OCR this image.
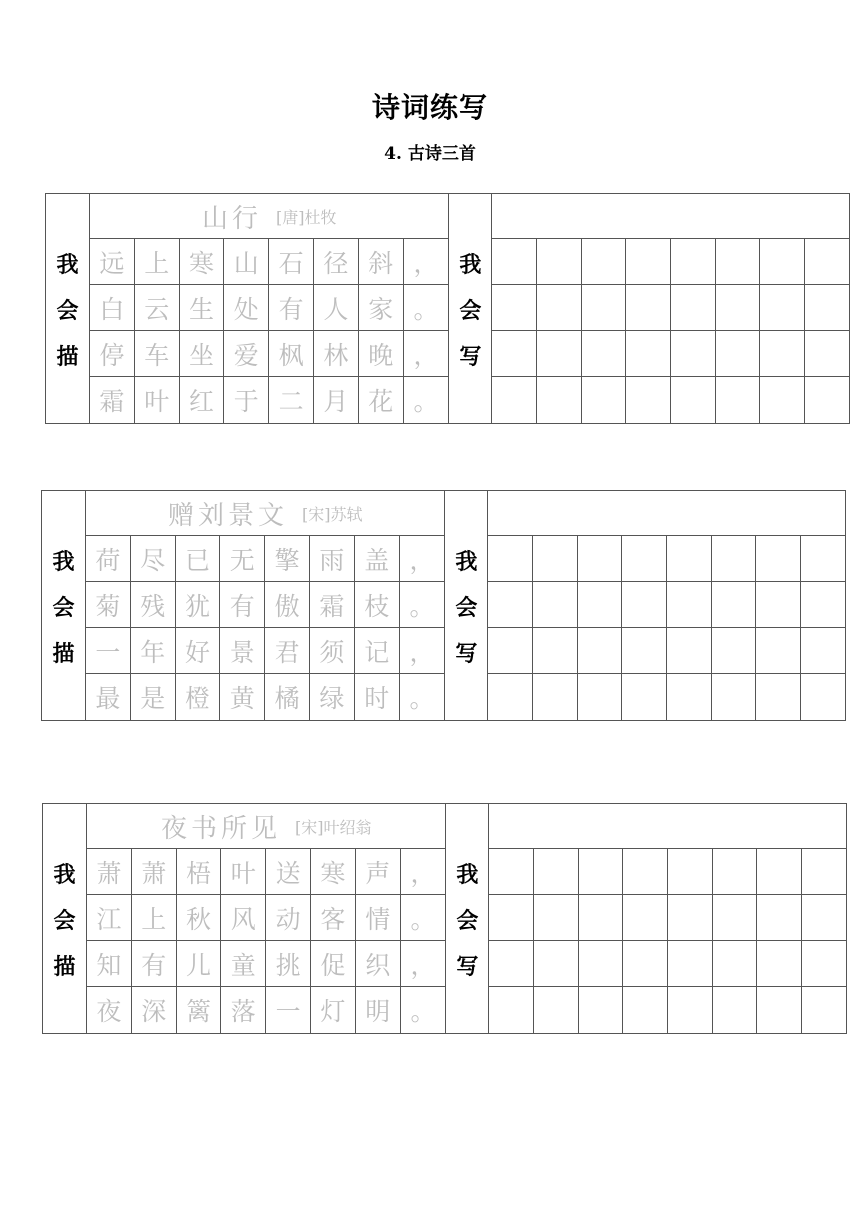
诗词练写
4. 古诗三首
我
会
描
山行 [唐]杜牧
远 上 寒 山 石 径 斜 ，
白 云 生 处 有 人 家 。
停 车 坐 爱 枫 林 晚 ，
霜 叶 红 于 二 月 花 。
我
会
写
我
会
描
赠刘景文 [宋]苏轼
荷 尽 已 无 擎 雨 盖 ，
菊 残 犹 有 傲 霜 枝 。
一 年 好 景 君 须 记 ，
最 是 橙 黄 橘 绿 时 。
我
会
写
我
会
描
夜书所见 [宋]叶绍翁
萧 萧 梧 叶 送 寒 声 ，
江 上 秋 风 动 客 情 。
知 有 儿 童 挑 促 织 ，
夜 深 篱 落 一 灯 明 。
我
会
写
